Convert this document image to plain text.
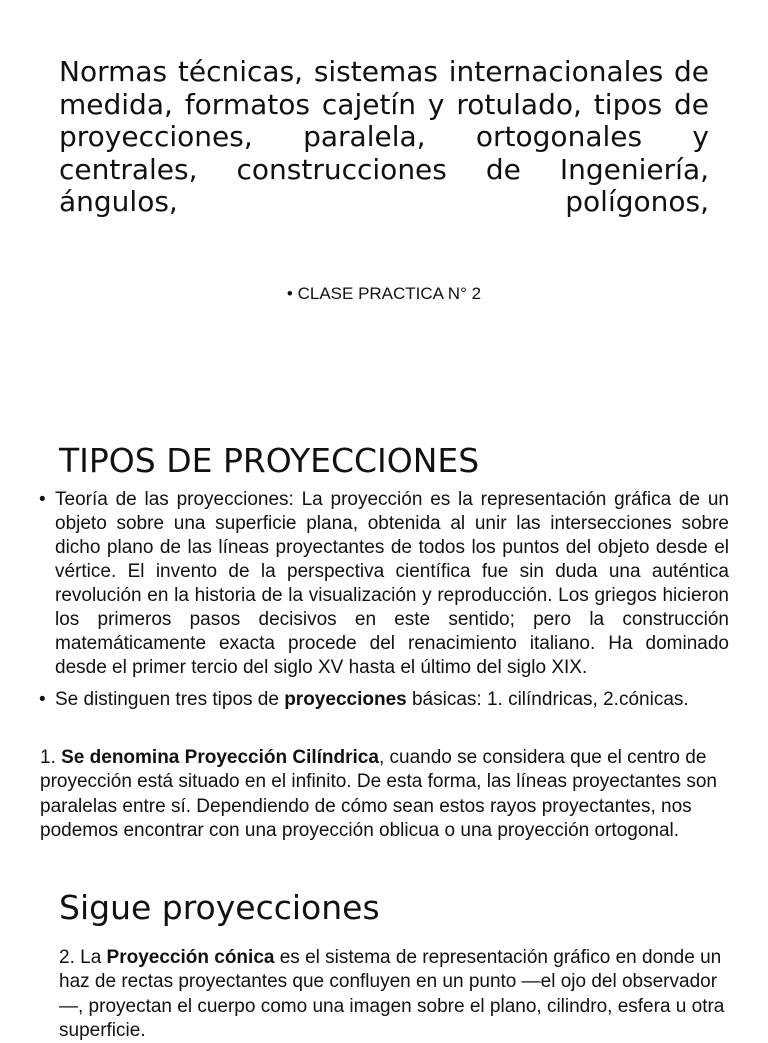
Normas técnicas, sistemas internacionales de medida, formatos cajetín y rotulado, tipos de proyecciones, paralela, ortogonales y centrales, construcciones de Ingeniería, ángulos, polígonos,

• CLASE PRACTICA N° 2

TIPOS DE PROYECCIONES
• Teoría de las proyecciones: La proyección es la representación gráfica de un objeto sobre una superficie plana, obtenida al unir las intersecciones sobre dicho plano de las líneas proyectantes de todos los puntos del objeto desde el vértice. El invento de la perspectiva científica fue sin duda una auténtica revolución en la historia de la visualización y reproducción. Los griegos hicieron los primeros pasos decisivos en este sentido; pero la construcción matemáticamente exacta procede del renacimiento italiano. Ha dominado desde el primer tercio del siglo XV hasta el último del siglo XIX.
• Se distinguen tres tipos de proyecciones básicas: 1. cilíndricas, 2.cónicas.

1. Se denomina Proyección Cilíndrica, cuando se considera que el centro de proyección está situado en el infinito. De esta forma, las líneas proyectantes son paralelas entre sí. Dependiendo de cómo sean estos rayos proyectantes, nos podemos encontrar con una proyección oblicua o una proyección ortogonal.

Sigue proyecciones

2. La Proyección cónica es el sistema de representación gráfico en donde un haz de rectas proyectantes que confluyen en un punto —el ojo del observador—, proyectan el cuerpo como una imagen sobre el plano, cilindro, esfera u otra superficie.
